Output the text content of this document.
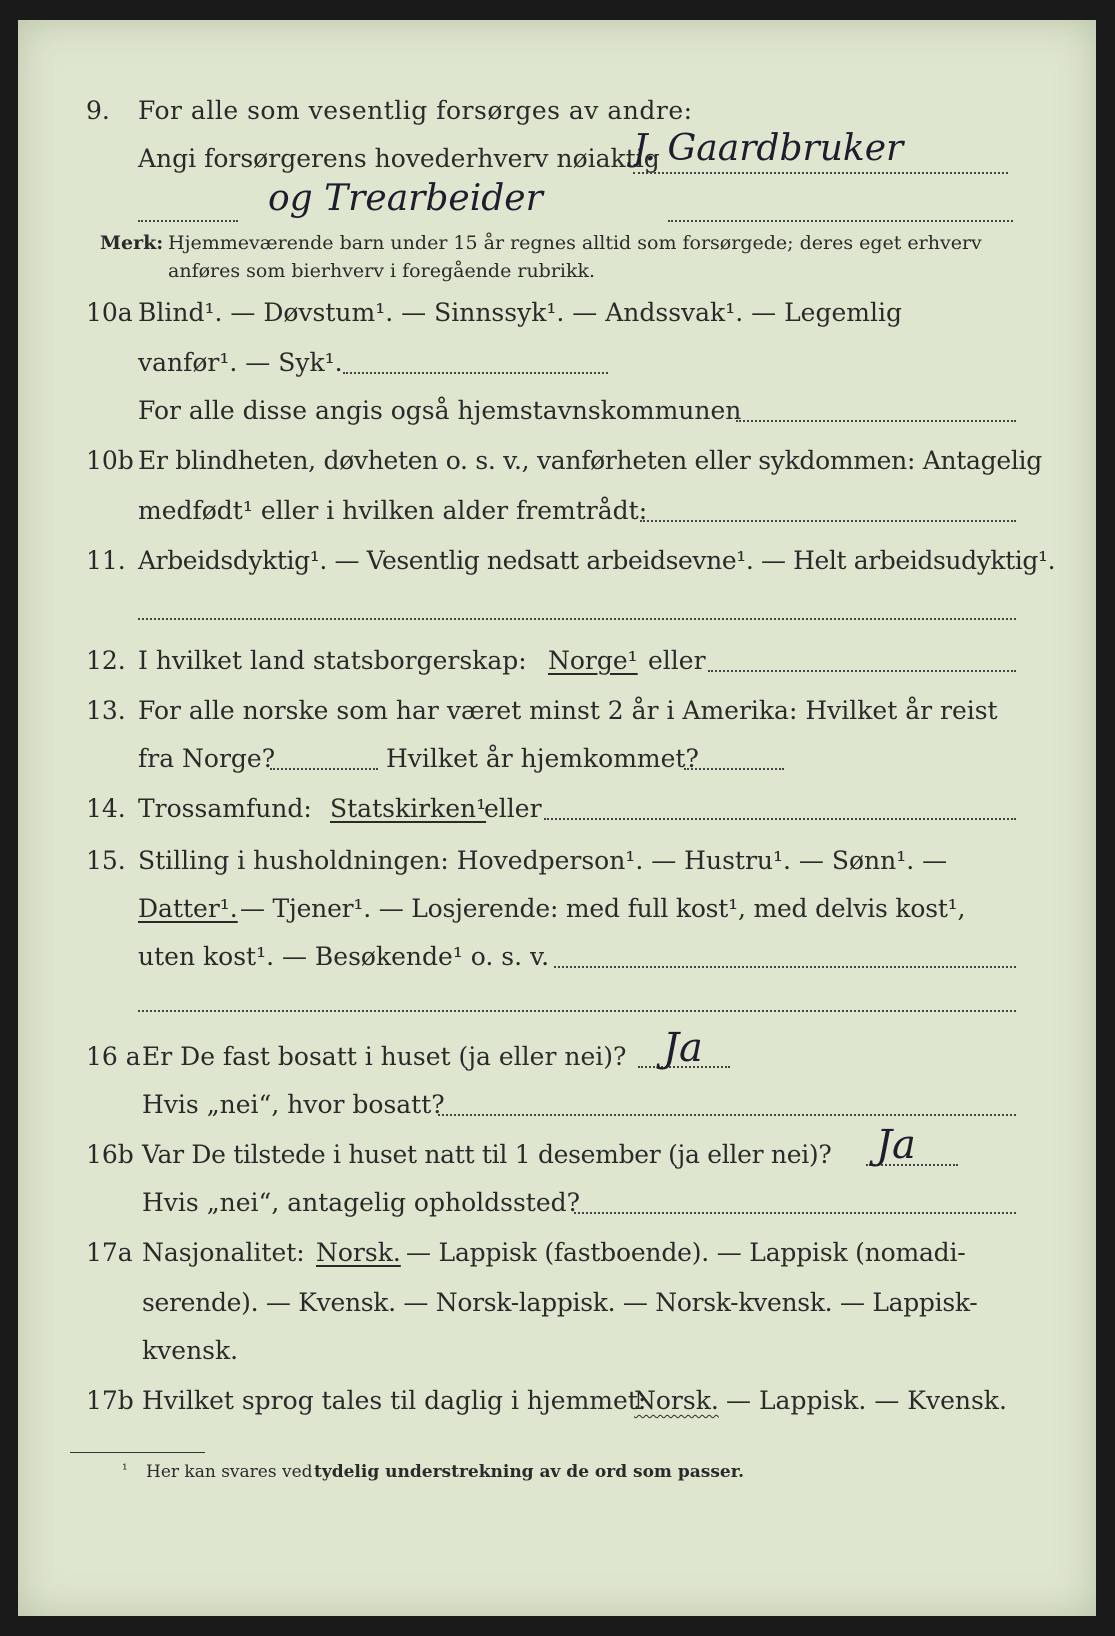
9. For alle som vesentlig forsørges av andre:
Angi forsørgerens hovederhverv nøiaktig
J. Gaardbruker
og Trearbeider
Merk: Hjemmeværende barn under 15 år regnes alltid som forsørgede; deres eget erhverv
anføres som bierhverv i foregående rubrikk.
10a Blind¹. — Døvstum¹. — Sinnssyk¹. — Andssvak¹. — Legemlig
vanfør¹. — Syk¹.
For alle disse angis også hjemstavnskommunen
10b Er blindheten, døvheten o. s. v., vanførheten eller sykdommen: Antagelig
medfødt¹ eller i hvilken alder fremtrådt:
11. Arbeidsdyktig¹. — Vesentlig nedsatt arbeidsevne¹. — Helt arbeidsudyktig¹.
12. I hvilket land statsborgerskap: Norge¹ eller
13. For alle norske som har været minst 2 år i Amerika: Hvilket år reist
fra Norge?	Hvilket år hjemkommet?
14. Trossamfund: Statskirken¹
eller
15. Stilling i husholdningen: Hovedperson¹. — Hustru¹. — Sønn¹. —
Datter¹. — Tjener¹. — Losjerende: med full kost¹, med delvis kost¹,
uten kost¹. — Besøkende¹ o. s. v.
16 a Er De fast bosatt i huset (ja eller nei)? Ja
Hvis „nei“, hvor bosatt?
16b Var De tilstede i huset natt til 1 desember (ja eller nei)? Ja
Hvis „nei“, antagelig opholdssted?
17a Nasjonalitet: Norsk. — Lappisk (fastboende). — Lappisk (nomadi-
serende). — Kvensk. — Norsk-lappisk. — Norsk-kvensk. — Lappisk-
kvensk.
17b Hvilket sprog tales til daglig i hjemmet:
Norsk. — Lappisk. — Kvensk.
¹ Her kan svares ved tydelig understrekning av de ord som passer.
